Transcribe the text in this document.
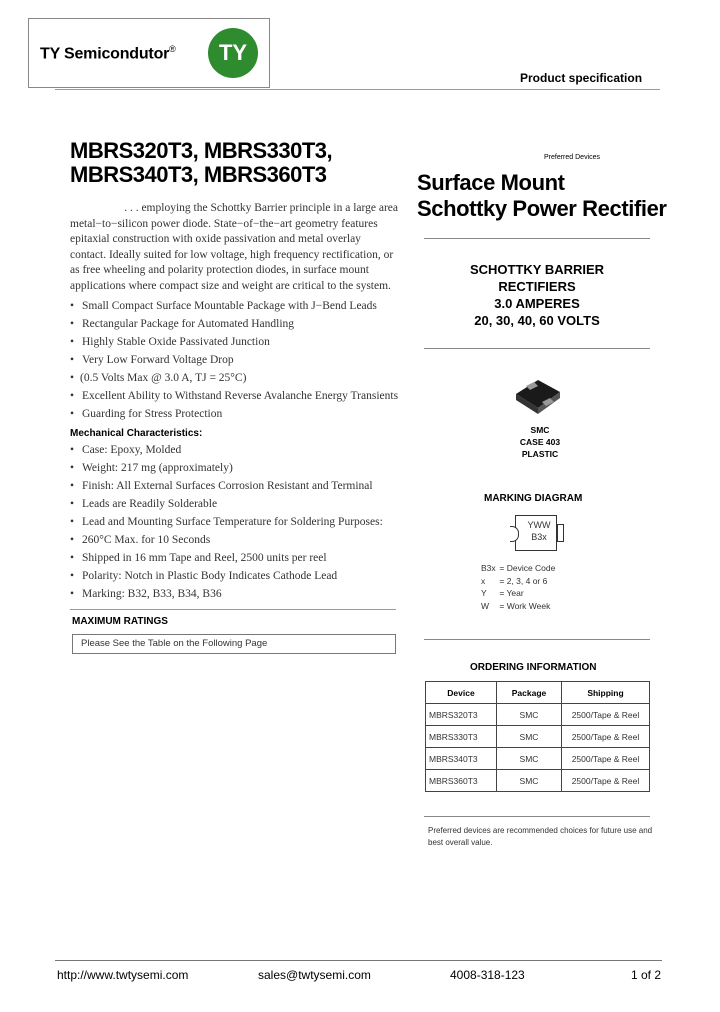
TY Semicondutor®	TY
Product specification
MBRS320T3, MBRS330T3,
MBRS340T3, MBRS360T3
Preferred Devices
Surface Mount
Schottky Power Rectifier
. . . employing the Schottky Barrier principle in a large area
metal−to−silicon power diode. State−of−the−art geometry features
epitaxial construction with oxide passivation and metal overlay
contact. Ideally suited for low voltage, high frequency rectification, or
as free wheeling and polarity protection diodes, in surface mount
applications where compact size and weight are critical to the system.
• Small Compact Surface Mountable Package with J−Bend Leads
• Rectangular Package for Automated Handling
• Highly Stable Oxide Passivated Junction
• Very Low Forward Voltage Drop
• (0.5 Volts Max @ 3.0 A, TJ = 25°C)
• Excellent Ability to Withstand Reverse Avalanche Energy Transients
• Guarding for Stress Protection
Mechanical Characteristics:
• Case: Epoxy, Molded
• Weight: 217 mg (approximately)
• Finish: All External Surfaces Corrosion Resistant and Terminal
• Leads are Readily Solderable
• Lead and Mounting Surface Temperature for Soldering Purposes:
• 260°C Max. for 10 Seconds
• Shipped in 16 mm Tape and Reel, 2500 units per reel
• Polarity: Notch in Plastic Body Indicates Cathode Lead
• Marking: B32, B33, B34, B36
MAXIMUM RATINGS
Please See the Table on the Following Page
SCHOTTKY BARRIER
RECTIFIERS
3.0 AMPERES
20, 30, 40, 60 VOLTS
SMC
CASE 403
PLASTIC
MARKING DIAGRAM
YWW
B3x
B3x = Device Code
x = 2, 3, 4 or 6
Y = Year
W = Work Week
ORDERING INFORMATION
Device	Package	Shipping
MBRS320T3	SMC	2500/Tape & Reel
MBRS330T3	SMC	2500/Tape & Reel
MBRS340T3	SMC	2500/Tape & Reel
MBRS360T3	SMC	2500/Tape & Reel
Preferred devices are recommended choices for future use and best overall value.
http://www.twtysemi.com	sales@twtysemi.com	4008-318-123	1 of 2
